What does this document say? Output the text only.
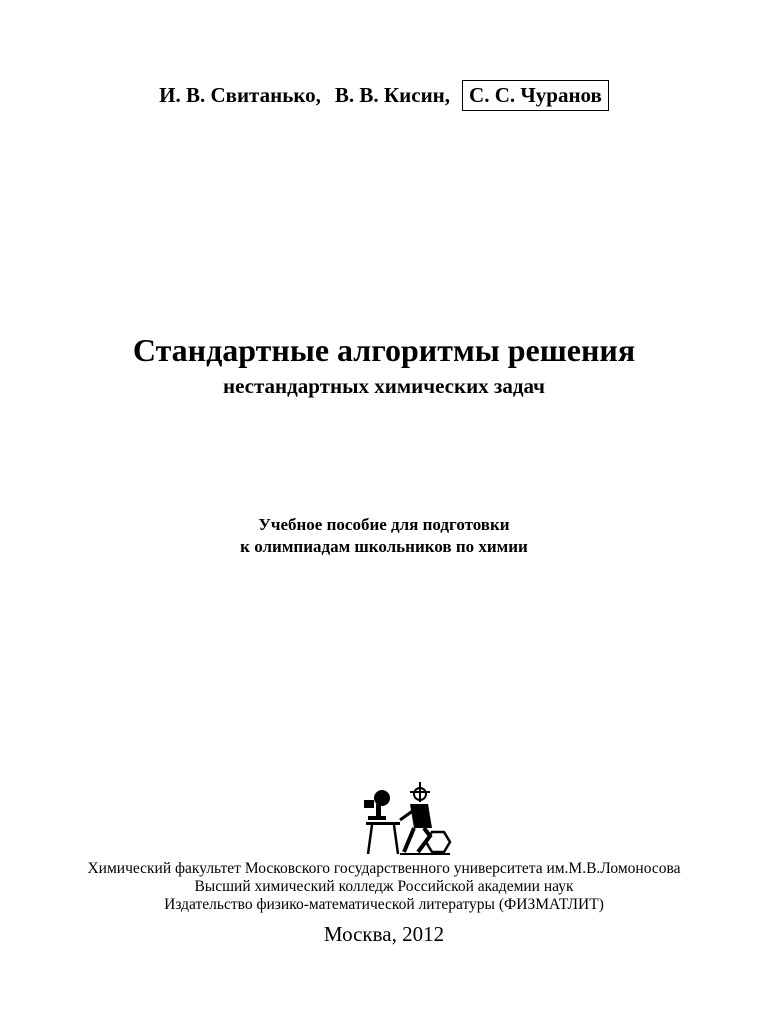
И. В. Свитанько, В. В. Кисин, С. С. Чуранов
Стандартные алгоритмы решения
нестандартных химических задач
Учебное пособие для подготовки
к олимпиадам школьников по химии
Химический факультет Московского государственного университета им.М.В.Ломоносова
Высший химический колледж Российской академии наук
Издательство физико-математической литературы (ФИЗМАТЛИТ)
Москва, 2012
